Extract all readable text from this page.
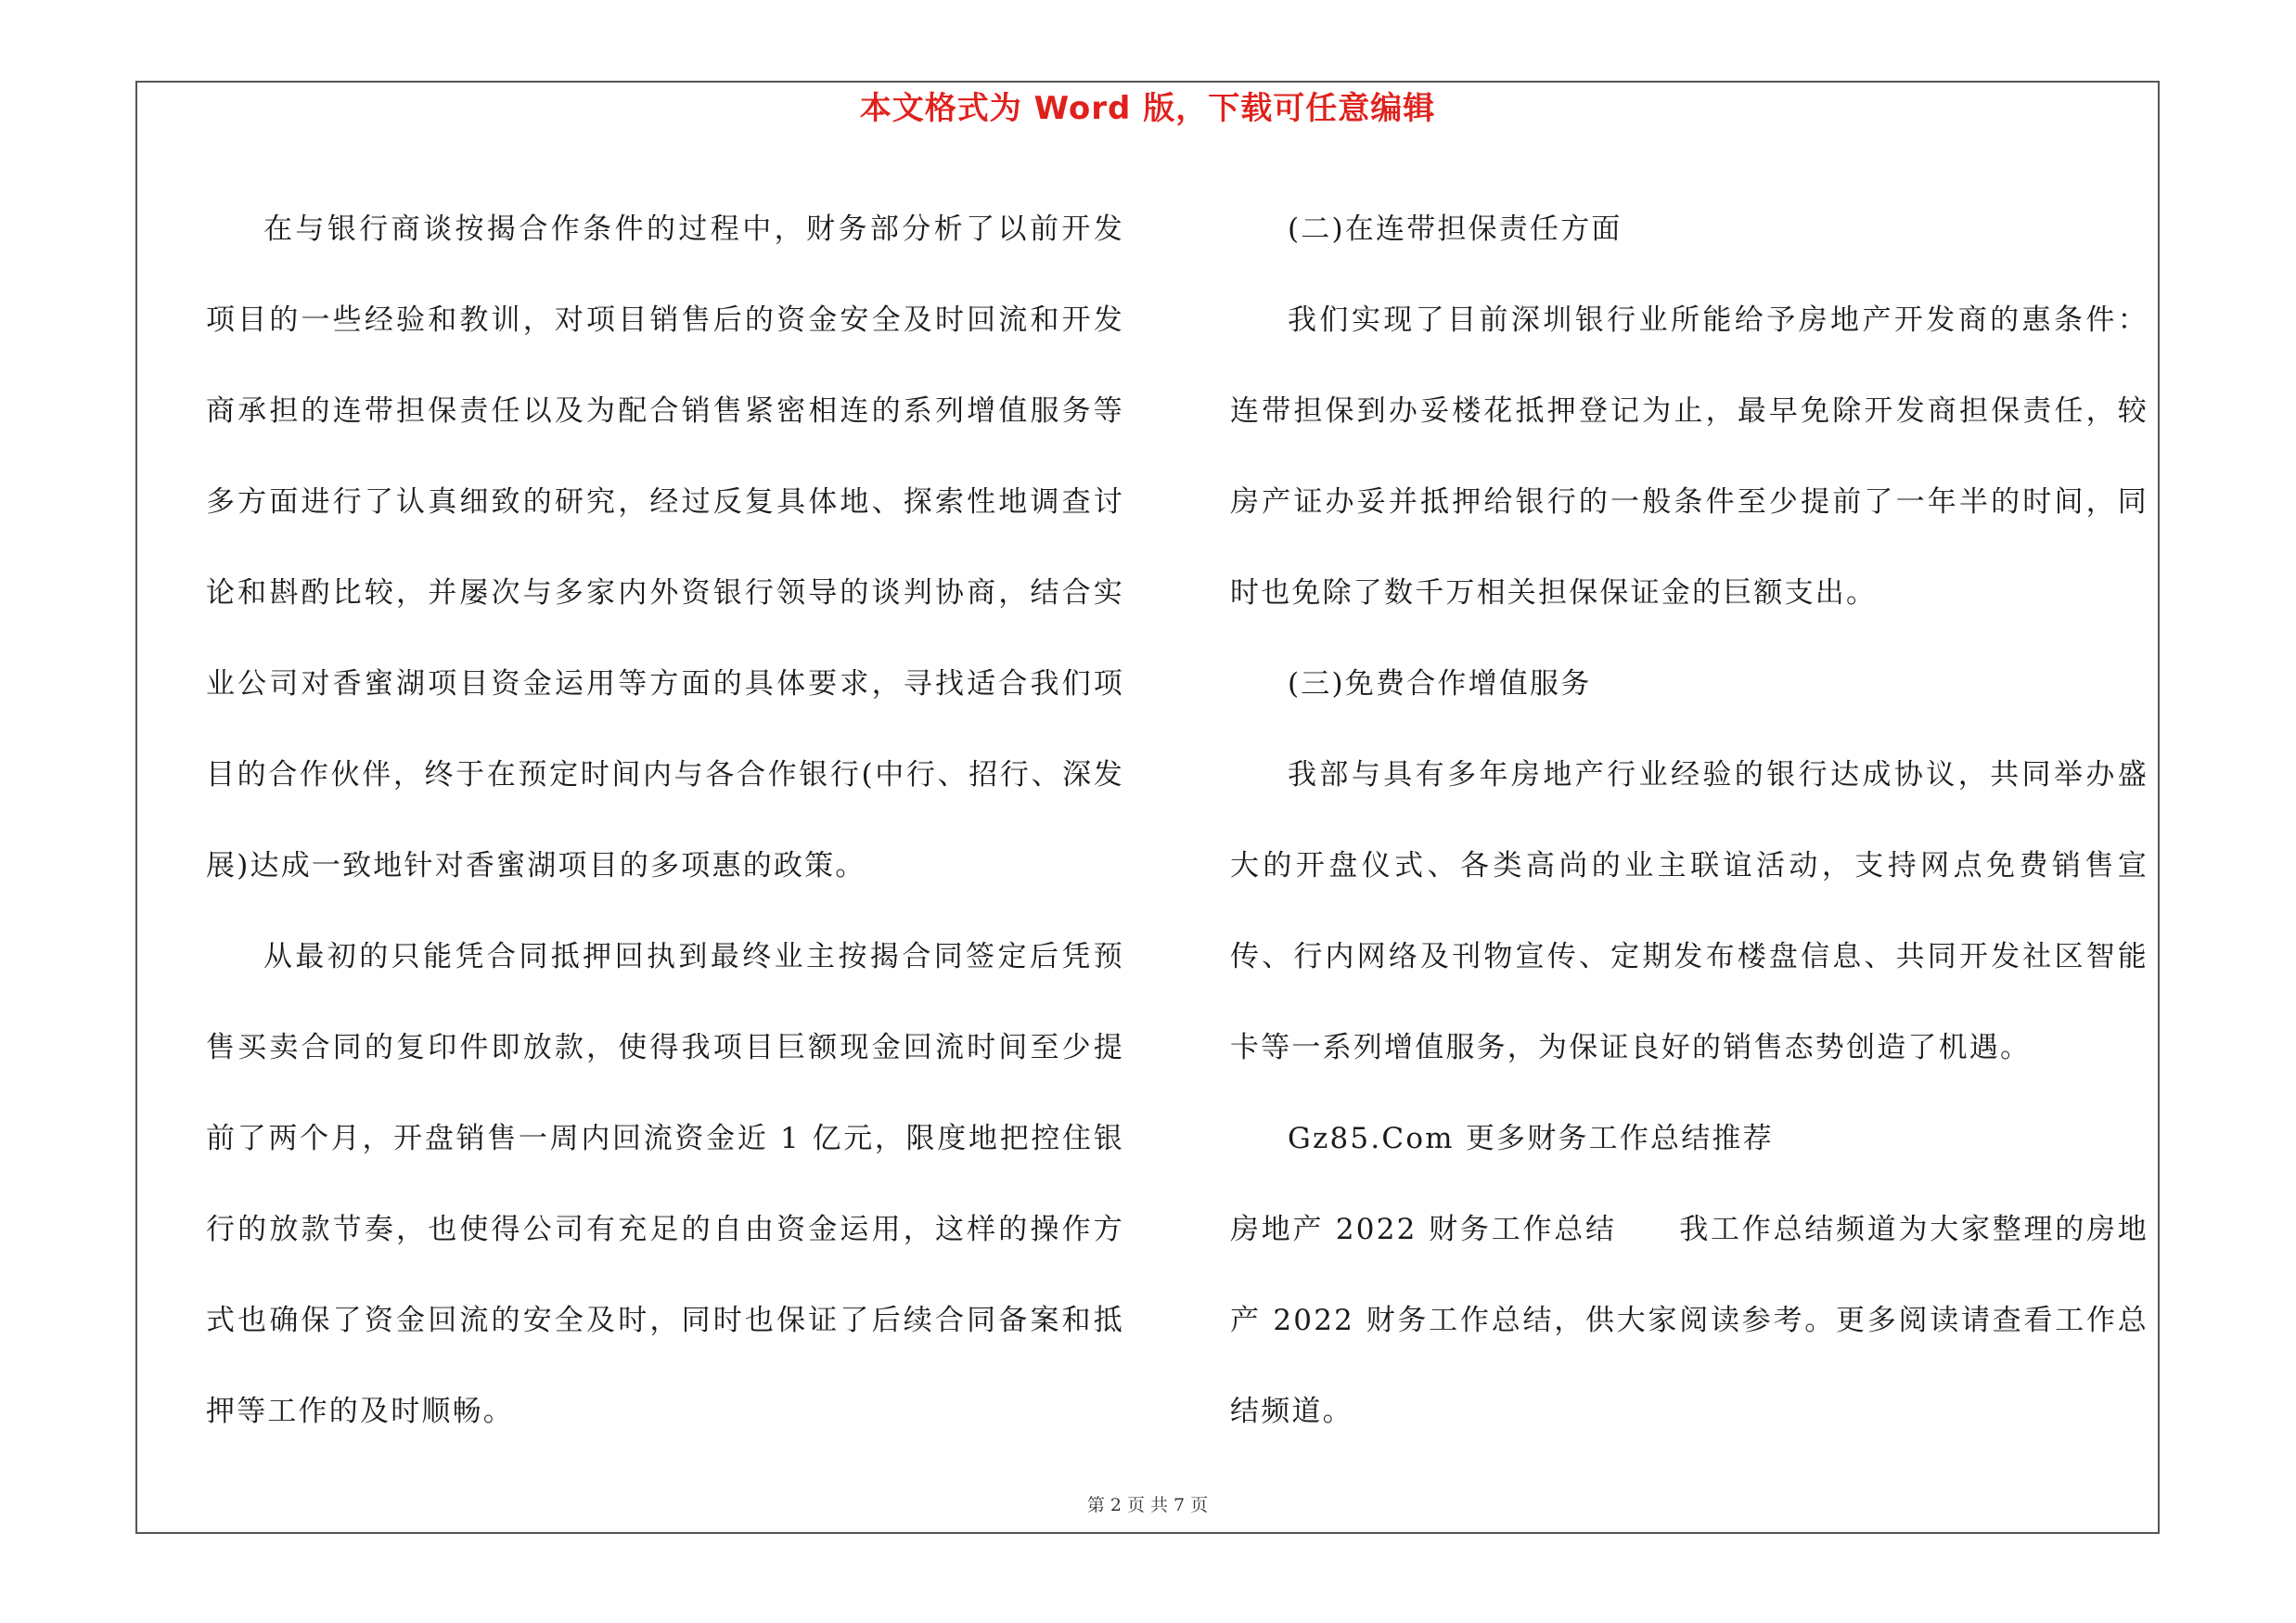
本文格式为 Word 版，下载可任意编辑

在与银行商谈按揭合作条件的过程中，财务部分析了以前开发项目的一些经验和教训，对项目销售后的资金安全及时回流和开发商承担的连带担保责任以及为配合销售紧密相连的系列增值服务等多方面进行了认真细致的研究，经过反复具体地、探索性地调查讨论和斟酌比较，并屡次与多家内外资银行领导的谈判协商，结合实业公司对香蜜湖项目资金运用等方面的具体要求，寻找适合我们项目的合作伙伴，终于在预定时间内与各合作银行(中行、招行、深发展)达成一致地针对香蜜湖项目的多项惠的政策。

从最初的只能凭合同抵押回执到最终业主按揭合同签定后凭预售买卖合同的复印件即放款，使得我项目巨额现金回流时间至少提前了两个月，开盘销售一周内回流资金近 1 亿元，限度地把控住银行的放款节奏，也使得公司有充足的自由资金运用，这样的操作方式也确保了资金回流的安全及时，同时也保证了后续合同备案和抵押等工作的及时顺畅。

(二)在连带担保责任方面

我们实现了目前深圳银行业所能给予房地产开发商的惠条件：连带担保到办妥楼花抵押登记为止，最早免除开发商担保责任，较房产证办妥并抵押给银行的一般条件至少提前了一年半的时间，同时也免除了数千万相关担保保证金的巨额支出。

(三)免费合作增值服务

我部与具有多年房地产行业经验的银行达成协议，共同举办盛大的开盘仪式、各类高尚的业主联谊活动，支持网点免费销售宣传、行内网络及刊物宣传、定期发布楼盘信息、共同开发社区智能卡等一系列增值服务，为保证良好的销售态势创造了机遇。

Gz85.Com 更多财务工作总结推荐

房地产 2022 财务工作总结　　我工作总结频道为大家整理的房地产 2022 财务工作总结，供大家阅读参考。更多阅读请查看工作总结频道。

第 2 页 共 7 页
